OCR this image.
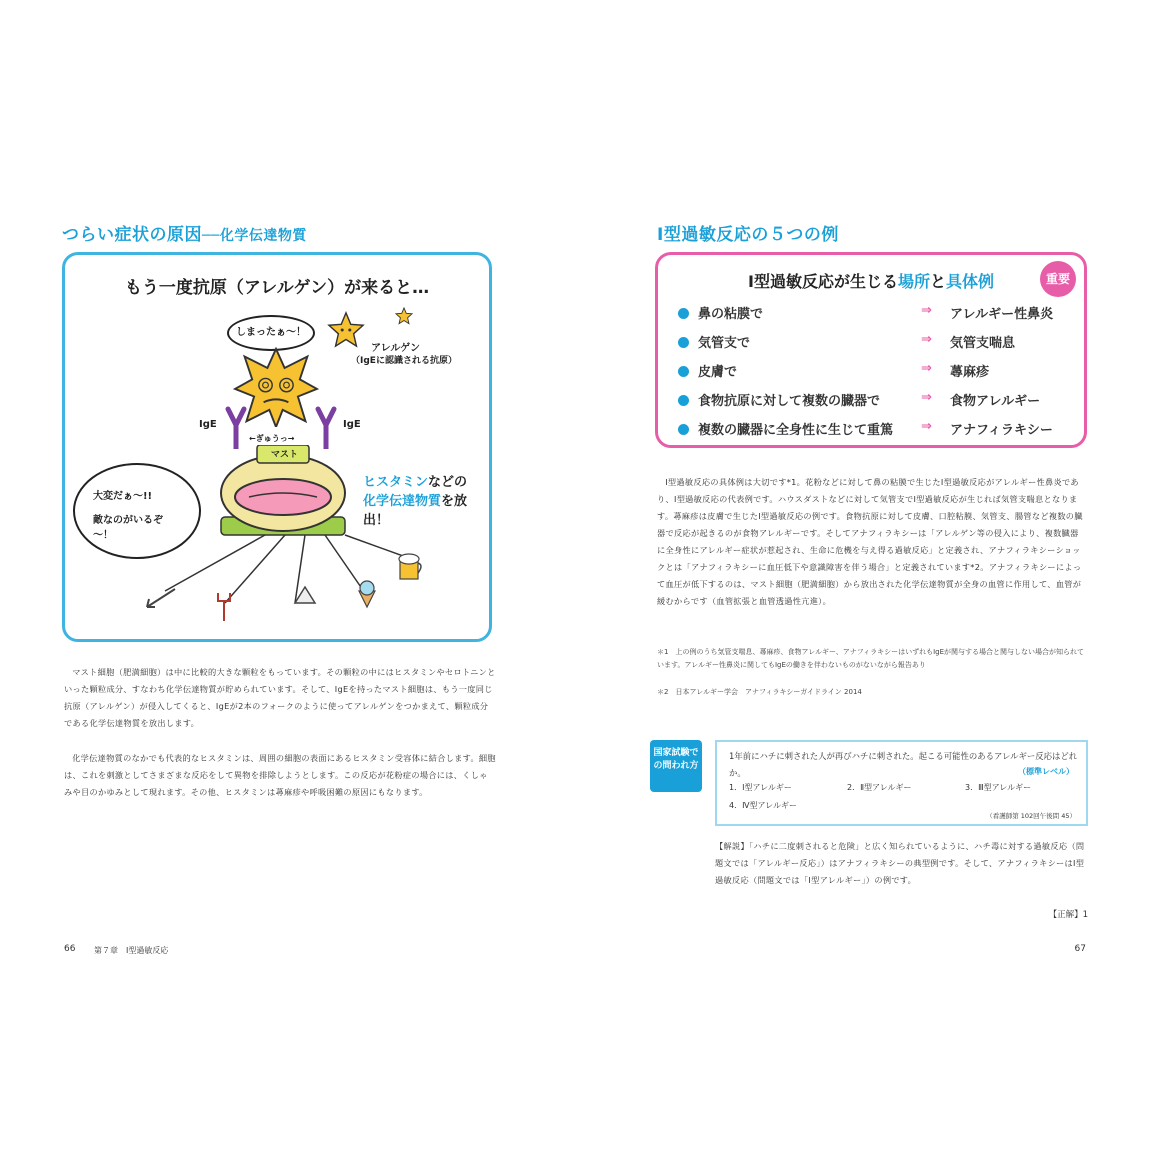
つらい症状の原因──化学伝達物質
もう一度抗原（アレルゲン）が来ると…
しまったぁ～！
アレルゲン
（IgEに認識される抗原）
IgE	IgE
←ぎゅうっ→
マスト
大変だぁ～!!
敵なのがいるぞ～！
ヒスタミンなどの
化学伝達物質を放出！
マスト細胞（肥満細胞）は中に比較的大きな顆粒をもっています。その顆粒の中にはヒスタミンやセロトニンといった顆粒成分、すなわち化学伝達物質が貯められています。そして、IgEを持ったマスト細胞は、もう一度同じ抗原（アレルゲン）が侵入してくると、IgEが2本のフォークのように使ってアレルゲンをつかまえて、顆粒成分である化学伝達物質を放出します。
化学伝達物質のなかでも代表的なヒスタミンは、周囲の細胞の表面にあるヒスタミン受容体に結合します。細胞は、これを刺激としてさまざまな反応をして異物を排除しようとします。この反応が花粉症の場合には、くしゃみや目のかゆみとして現れます。その他、ヒスタミンは蕁麻疹や呼吸困難の原因にもなります。
66 第７章　Ⅰ型過敏反応
Ⅰ型過敏反応の５つの例
Ⅰ型過敏反応が生じる場所と具体例	重要
鼻の粘膜で	⇒ アレルギー性鼻炎
気管支で	⇒ 気管支喘息
皮膚で	⇒ 蕁麻疹
食物抗原に対して複数の臓器で	⇒ 食物アレルギー
複数の臓器に全身性に生じて重篤 ⇒ アナフィラキシー
Ⅰ型過敏反応の具体例は大切です*1。花粉などに対して鼻の粘膜で生じたⅠ型過敏反応がアレルギー性鼻炎であり、Ⅰ型過敏反応の代表例です。ハウスダストなどに対して気管支でⅠ型過敏反応が生じれば気管支喘息となります。蕁麻疹は皮膚で生じたⅠ型過敏反応の例です。食物抗原に対して皮膚、口腔粘膜、気管支、腸管など複数の臓器で反応が起きるのが食物アレルギーです。そしてアナフィラキシーは「アレルゲン等の侵入により、複数臓器に全身性にアレルギー症状が惹起され、生命に危機を与え得る過敏反応」と定義され、アナフィラキシーショックとは「アナフィラキシーに血圧低下や意識障害を伴う場合」と定義されています*2。アナフィラキシーによって血圧が低下するのは、マスト細胞（肥満細胞）から放出された化学伝達物質が全身の血管に作用して、血管が緩むからです（血管拡張と血管透過性亢進）。
＊1　上の例のうち気管支喘息、蕁麻疹、食物アレルギー、アナフィラキシーはいずれもIgEが関与する場合と関与しない場合が知られています。アレルギー性鼻炎に関してもIgEの働きを伴わないものがないながら報告あり
＊2　日本アレルギー学会　アナフィラキシーガイドライン 2014
国家試験での問われ方
1年前にハチに刺された人が再びハチに刺された。起こる可能性のあるアレルギー反応はどれか。	（標準レベル）
1．Ⅰ型アレルギー	2．Ⅱ型アレルギー	3．Ⅲ型アレルギー
4．Ⅳ型アレルギー
（看護師第 102回午後問 45）
【解説】「ハチに二度刺されると危険」と広く知られているように、ハチ毒に対する過敏反応（問題文では「アレルギー反応」）はアナフィラキシーの典型例です。そして、アナフィラキシーはⅠ型過敏反応（問題文では「Ⅰ型アレルギー」）の例です。
【正解】1
67
